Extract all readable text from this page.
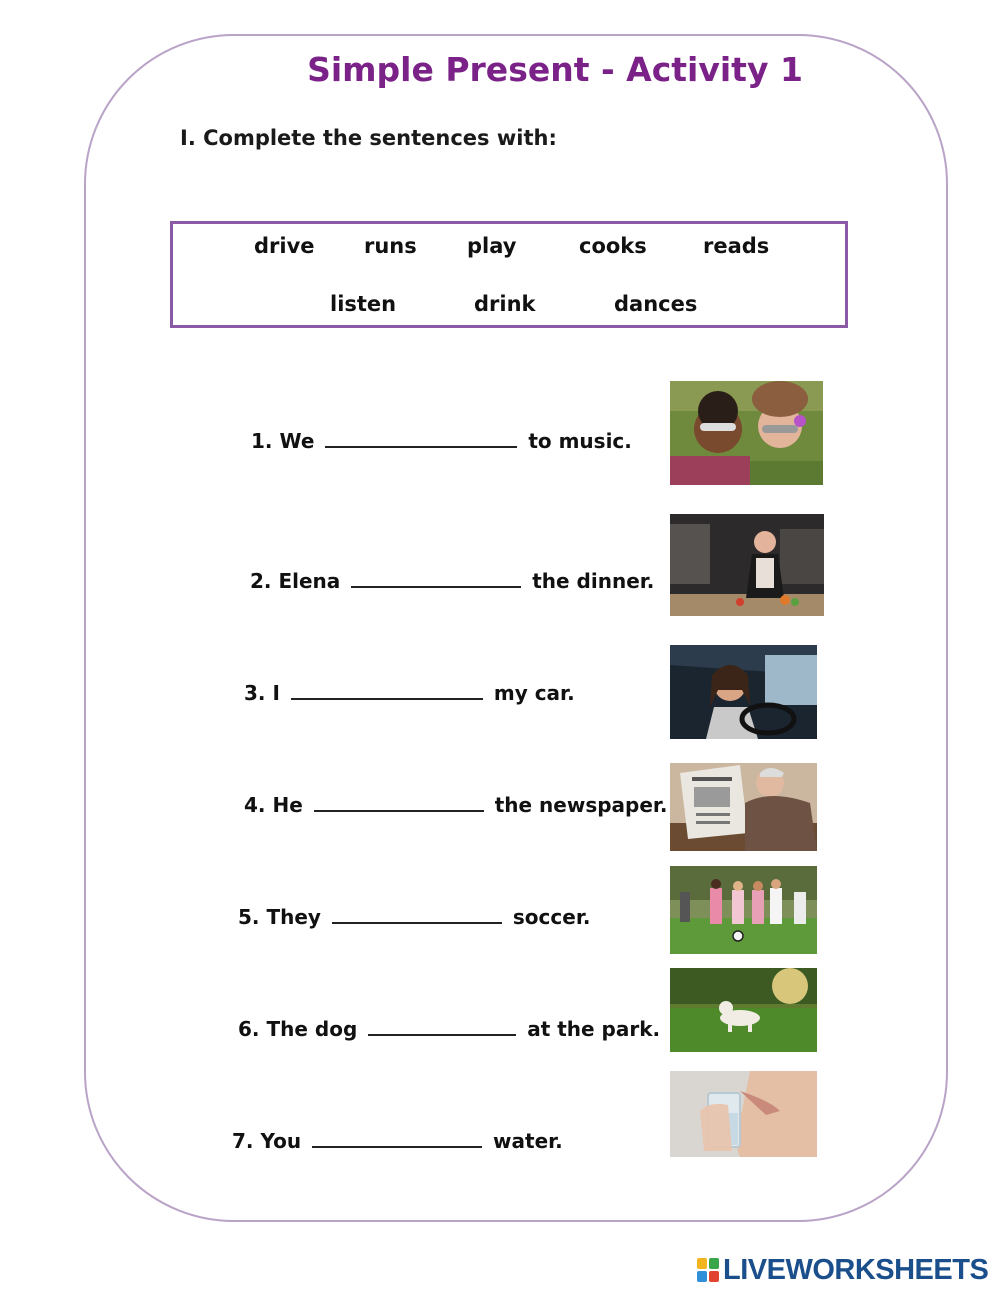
Simple Present - Activity 1
I. Complete the sentences with:
drive runs play	cooks	reads
listen	drink	dances
1. We	to music.
2. Elena	the dinner.
3. I	my car.
4. He	the newspaper.
5. They	soccer.
6. The dog	at the park.
7. You	water.
LIVEWORKSHEETS
